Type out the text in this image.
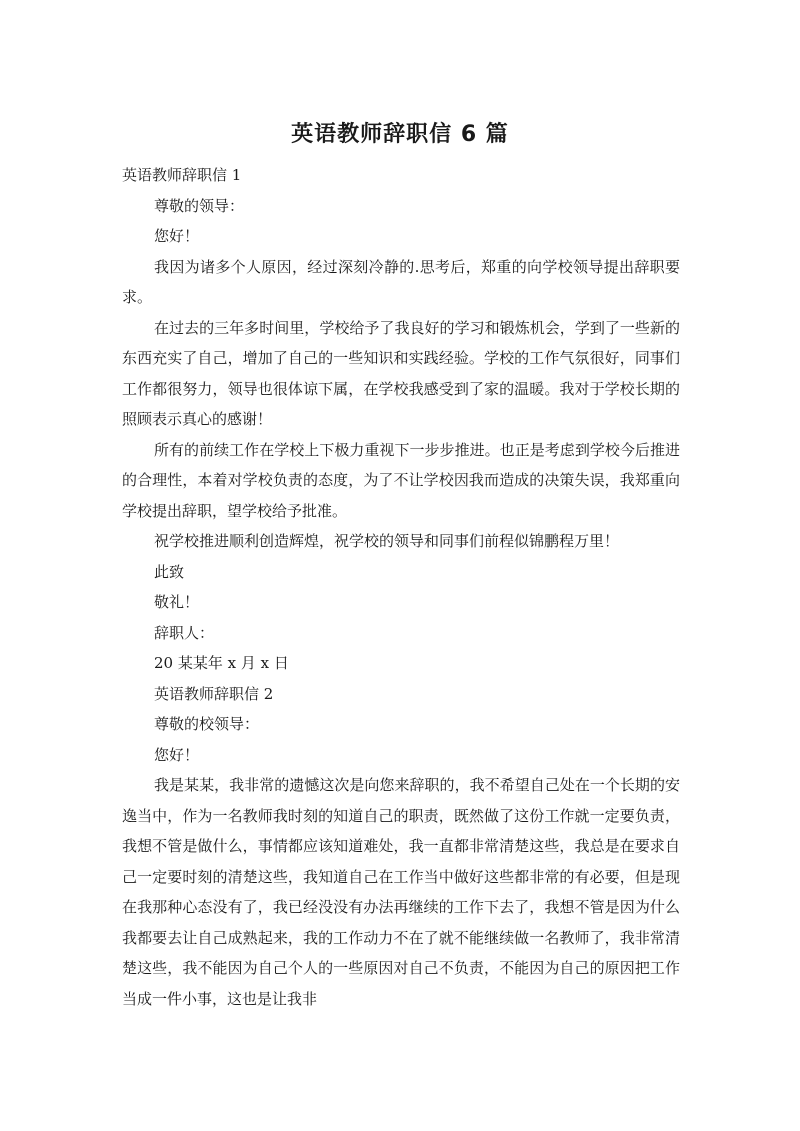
英语教师辞职信 6 篇

英语教师辞职信 1

尊敬的领导：

您好！

我因为诸多个人原因，经过深刻冷静的.思考后，郑重的向学校领导提出辞职要求。

在过去的三年多时间里，学校给予了我良好的学习和锻炼机会，学到了一些新的东西充实了自己，增加了自己的一些知识和实践经验。学校的工作气氛很好，同事们工作都很努力，领导也很体谅下属，在学校我感受到了家的温暖。我对于学校长期的照顾表示真心的感谢！

所有的前续工作在学校上下极力重视下一步步推进。也正是考虑到学校今后推进的合理性，本着对学校负责的态度，为了不让学校因我而造成的决策失误，我郑重向学校提出辞职，望学校给予批准。

祝学校推进顺利创造辉煌，祝学校的领导和同事们前程似锦鹏程万里！

此致

敬礼！

辞职人：

20 某某年 x 月 x 日

英语教师辞职信 2

尊敬的校领导：

您好！

我是某某，我非常的遗憾这次是向您来辞职的，我不希望自己处在一个长期的安逸当中，作为一名教师我时刻的知道自己的职责，既然做了这份工作就一定要负责，我想不管是做什么，事情都应该知道难处，我一直都非常清楚这些，我总是在要求自己一定要时刻的清楚这些，我知道自己在工作当中做好这些都非常的有必要，但是现在我那种心态没有了，我已经没没有办法再继续的工作下去了，我想不管是因为什么我都要去让自己成熟起来，我的工作动力不在了就不能继续做一名教师了，我非常清楚这些，我不能因为自己个人的一些原因对自己不负责，不能因为自己的原因把工作当成一件小事，这也是让我非
